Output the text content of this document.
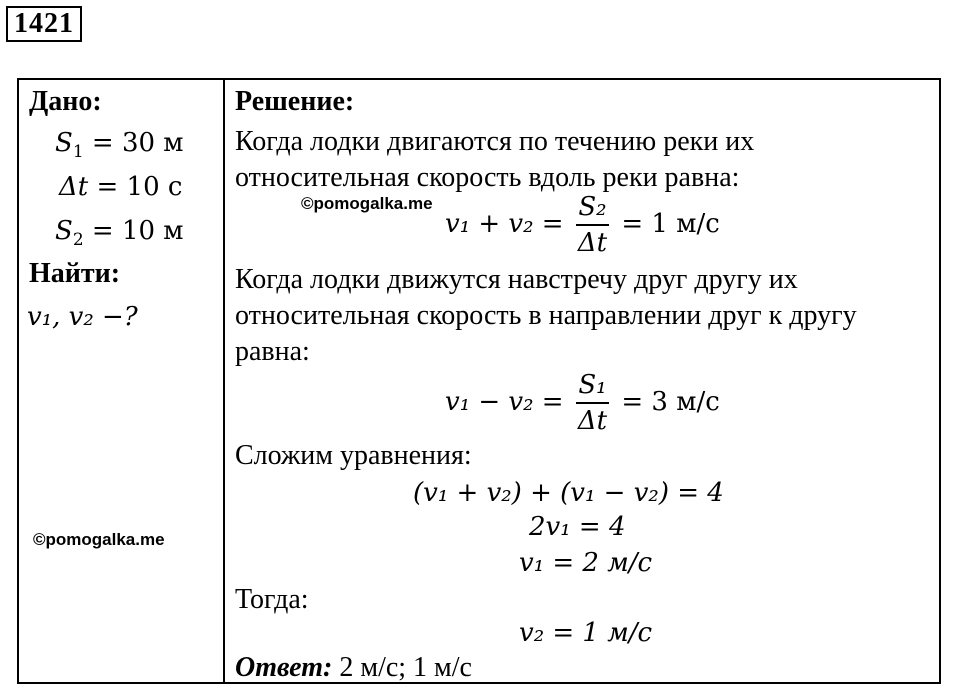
1421
Дано:
$S_1 = 30$ м
Δt = 10 с
$S_2 = 10$ м
Найти:
v₁, v₂ −?
©pomogalka.me
Решение:
Когда лодки двигаются по течению реки их
относительная скорость вдоль реки равна:
©pomogalka.me
$v_1 + v_2 = \frac{\text{S₂}}{\Delta t} = 1$ м/с
Когда лодки движутся навстречу друг другу их
относительная скорость в направлении друг к другу
равна:
$v_1 - v_2 = \frac{\text{S₁}}{\Delta t} = 3$ м/с
Сложим уравнения:
(v₁ + v₂) + (v₁ − v₂) = 4
2v₁ = 4
v₁ = 2 м/с
Тогда:
v₂ = 1 м/с
Ответ: 2 м/с; 1 м/с
